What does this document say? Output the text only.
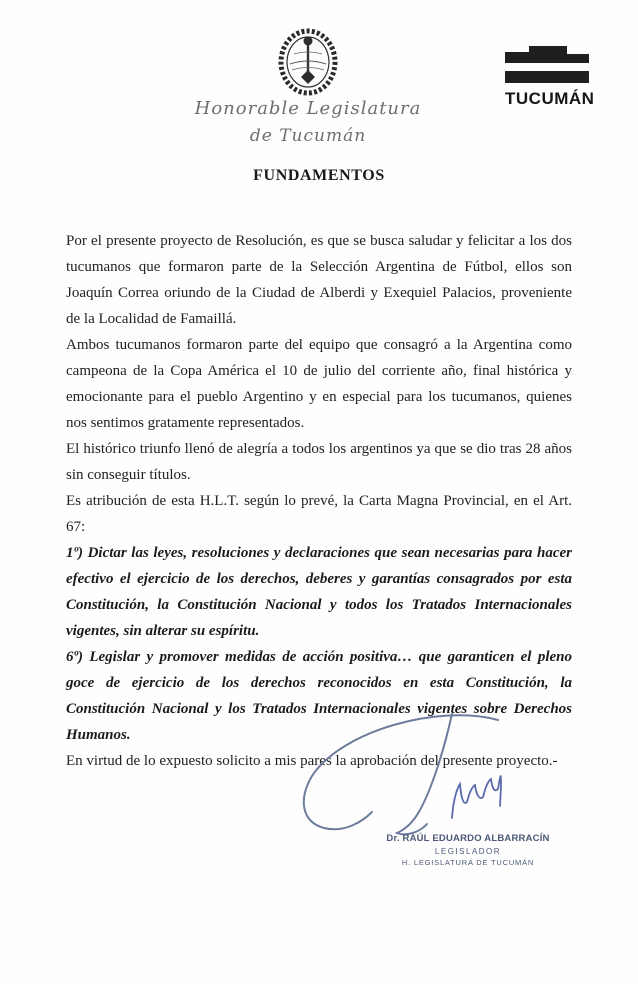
Honorable Legislatura
de Tucumán
TUCUMÁN
FUNDAMENTOS

Por el presente proyecto de Resolución, es que se busca saludar y felicitar a los dos tucumanos que formaron parte de la Selección Argentina de Fútbol, ellos son Joaquín Correa oriundo de la Ciudad de Alberdi y Exequiel Palacios, proveniente de la Localidad de Famaillá.

Ambos tucumanos formaron parte del equipo que consagró a la Argentina como campeona de la Copa América el 10 de julio del corriente año, final histórica y emocionante para el pueblo Argentino y en especial para los tucumanos, quienes nos sentimos gratamente representados.

El histórico triunfo llenó de alegría a todos los argentinos ya que se dio tras 28 años sin conseguir títulos.

Es atribución de esta H.L.T. según lo prevé, la Carta Magna Provincial, en el Art. 67:

1º) Dictar las leyes, resoluciones y declaraciones que sean necesarias para hacer efectivo el ejercicio de los derechos, deberes y garantías consagrados por esta Constitución, la Constitución Nacional y todos los Tratados Internacionales vigentes, sin alterar su espíritu.

6º) Legislar y promover medidas de acción positiva… que garanticen el pleno goce de ejercicio de los derechos reconocidos en esta Constitución, la Constitución Nacional y los Tratados Internacionales vigentes sobre Derechos Humanos.

En virtud de lo expuesto solicito a mis pares la aprobación del presente proyecto.-

Dr. RAÚL EDUARDO ALBARRACÍN
LEGISLADOR
H. LEGISLATURA DE TUCUMÁN
